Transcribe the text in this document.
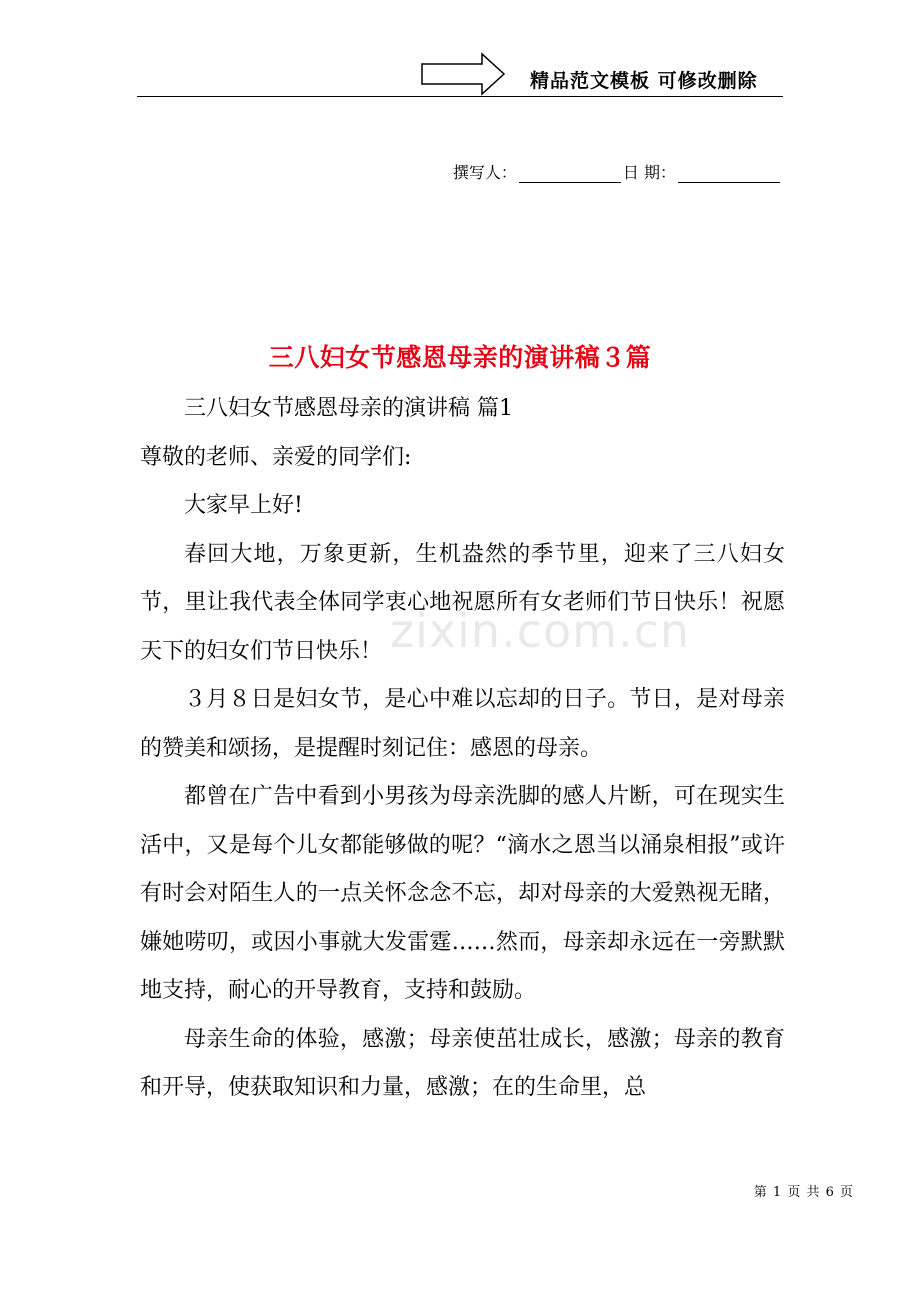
精品范文模板 可修改删除
撰写人：	日 期：
三八妇女节感恩母亲的演讲稿３篇

三八妇女节感恩母亲的演讲稿 篇1

尊敬的老师、亲爱的同学们:

大家早上好!

春回大地，万象更新，生机盎然的季节里，迎来了三八妇女节，里让我代表全体同学衷心地祝愿所有女老师们节日快乐！祝愿天下的妇女们节日快乐！

３月８日是妇女节，是心中难以忘却的日子。节日，是对母亲的赞美和颂扬，是提醒时刻记住：感恩的母亲。

都曾在广告中看到小男孩为母亲洗脚的感人片断，可在现实生活中，又是每个儿女都能够做的呢？“滴水之恩当以涌泉相报”或许有时会对陌生人的一点关怀念念不忘，却对母亲的大爱熟视无睹，嫌她唠叨，或因小事就大发雷霆……然而，母亲却永远在一旁默默地支持，耐心的开导教育，支持和鼓励。

母亲生命的体验，感激；母亲使茁壮成长，感激；母亲的教育和开导，使获取知识和力量，感激；在的生命里，总

zixin.com.cn
第 1 页 共 6 页
